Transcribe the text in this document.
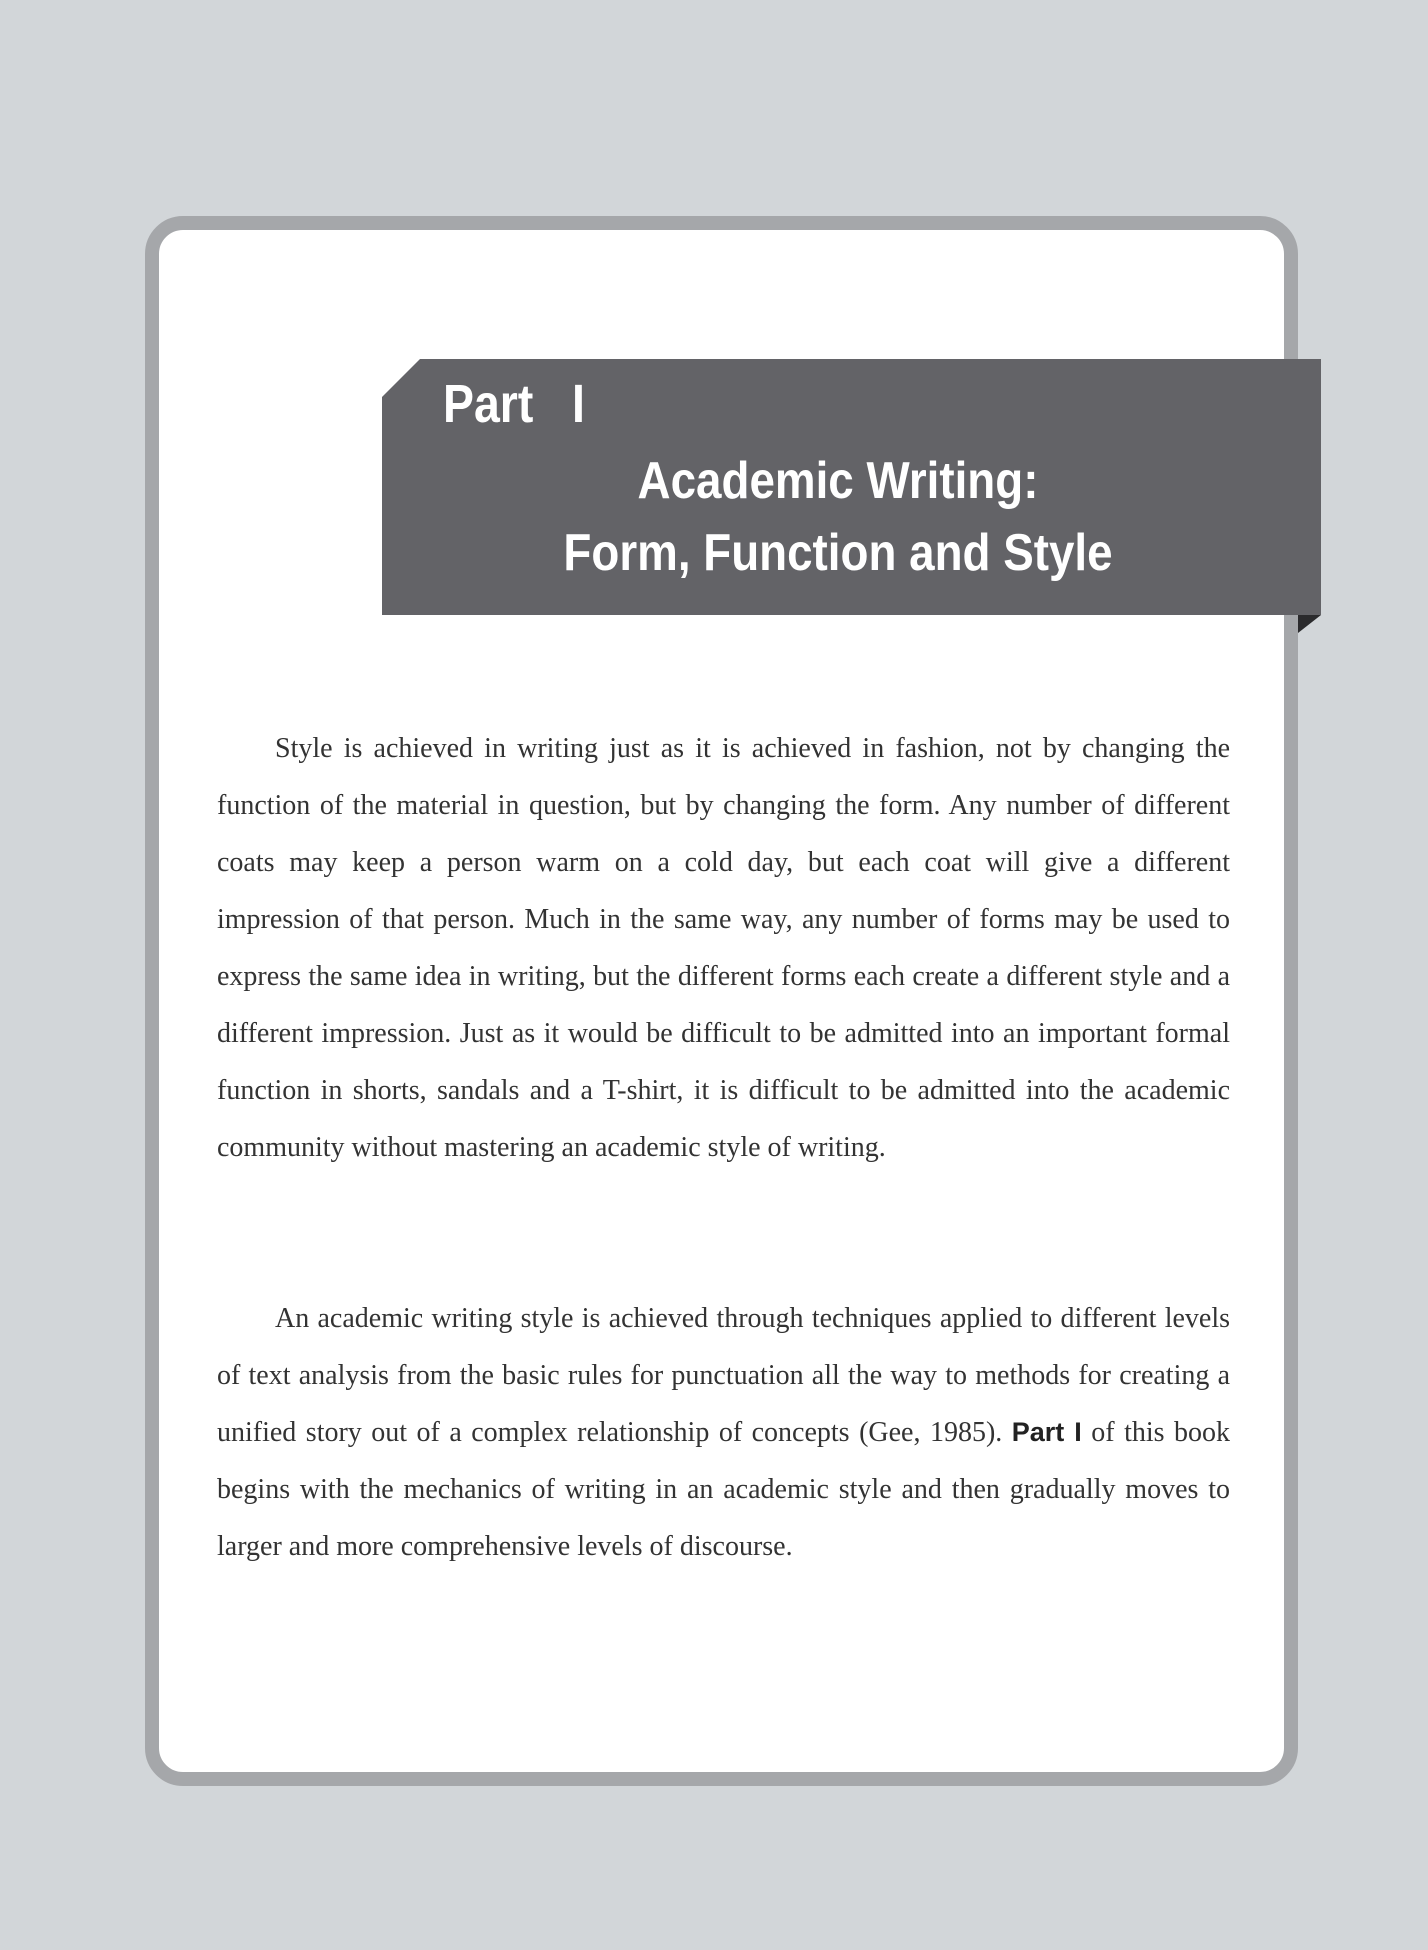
Part   I
Academic Writing:
Form, Function and Style

Style is achieved in writing just as it is achieved in fashion, not by changing the function of the material in question, but by changing the form. Any number of different coats may keep a person warm on a cold day, but each coat will give a different impression of that person. Much in the same way, any number of forms may be used to express the same idea in writing, but the different forms each create a different style and a different impression. Just as it would be difficult to be admitted into an important formal function in shorts, sandals and a T-shirt, it is difficult to be admitted into the academic community without mastering an academic style of writing.

An academic writing style is achieved through techniques applied to different levels of text analysis from the basic rules for punctuation all the way to methods for creating a unified story out of a complex relationship of concepts (Gee, 1985). Part I of this book begins with the mechanics of writing in an academic style and then gradually moves to larger and more comprehensive levels of discourse.
